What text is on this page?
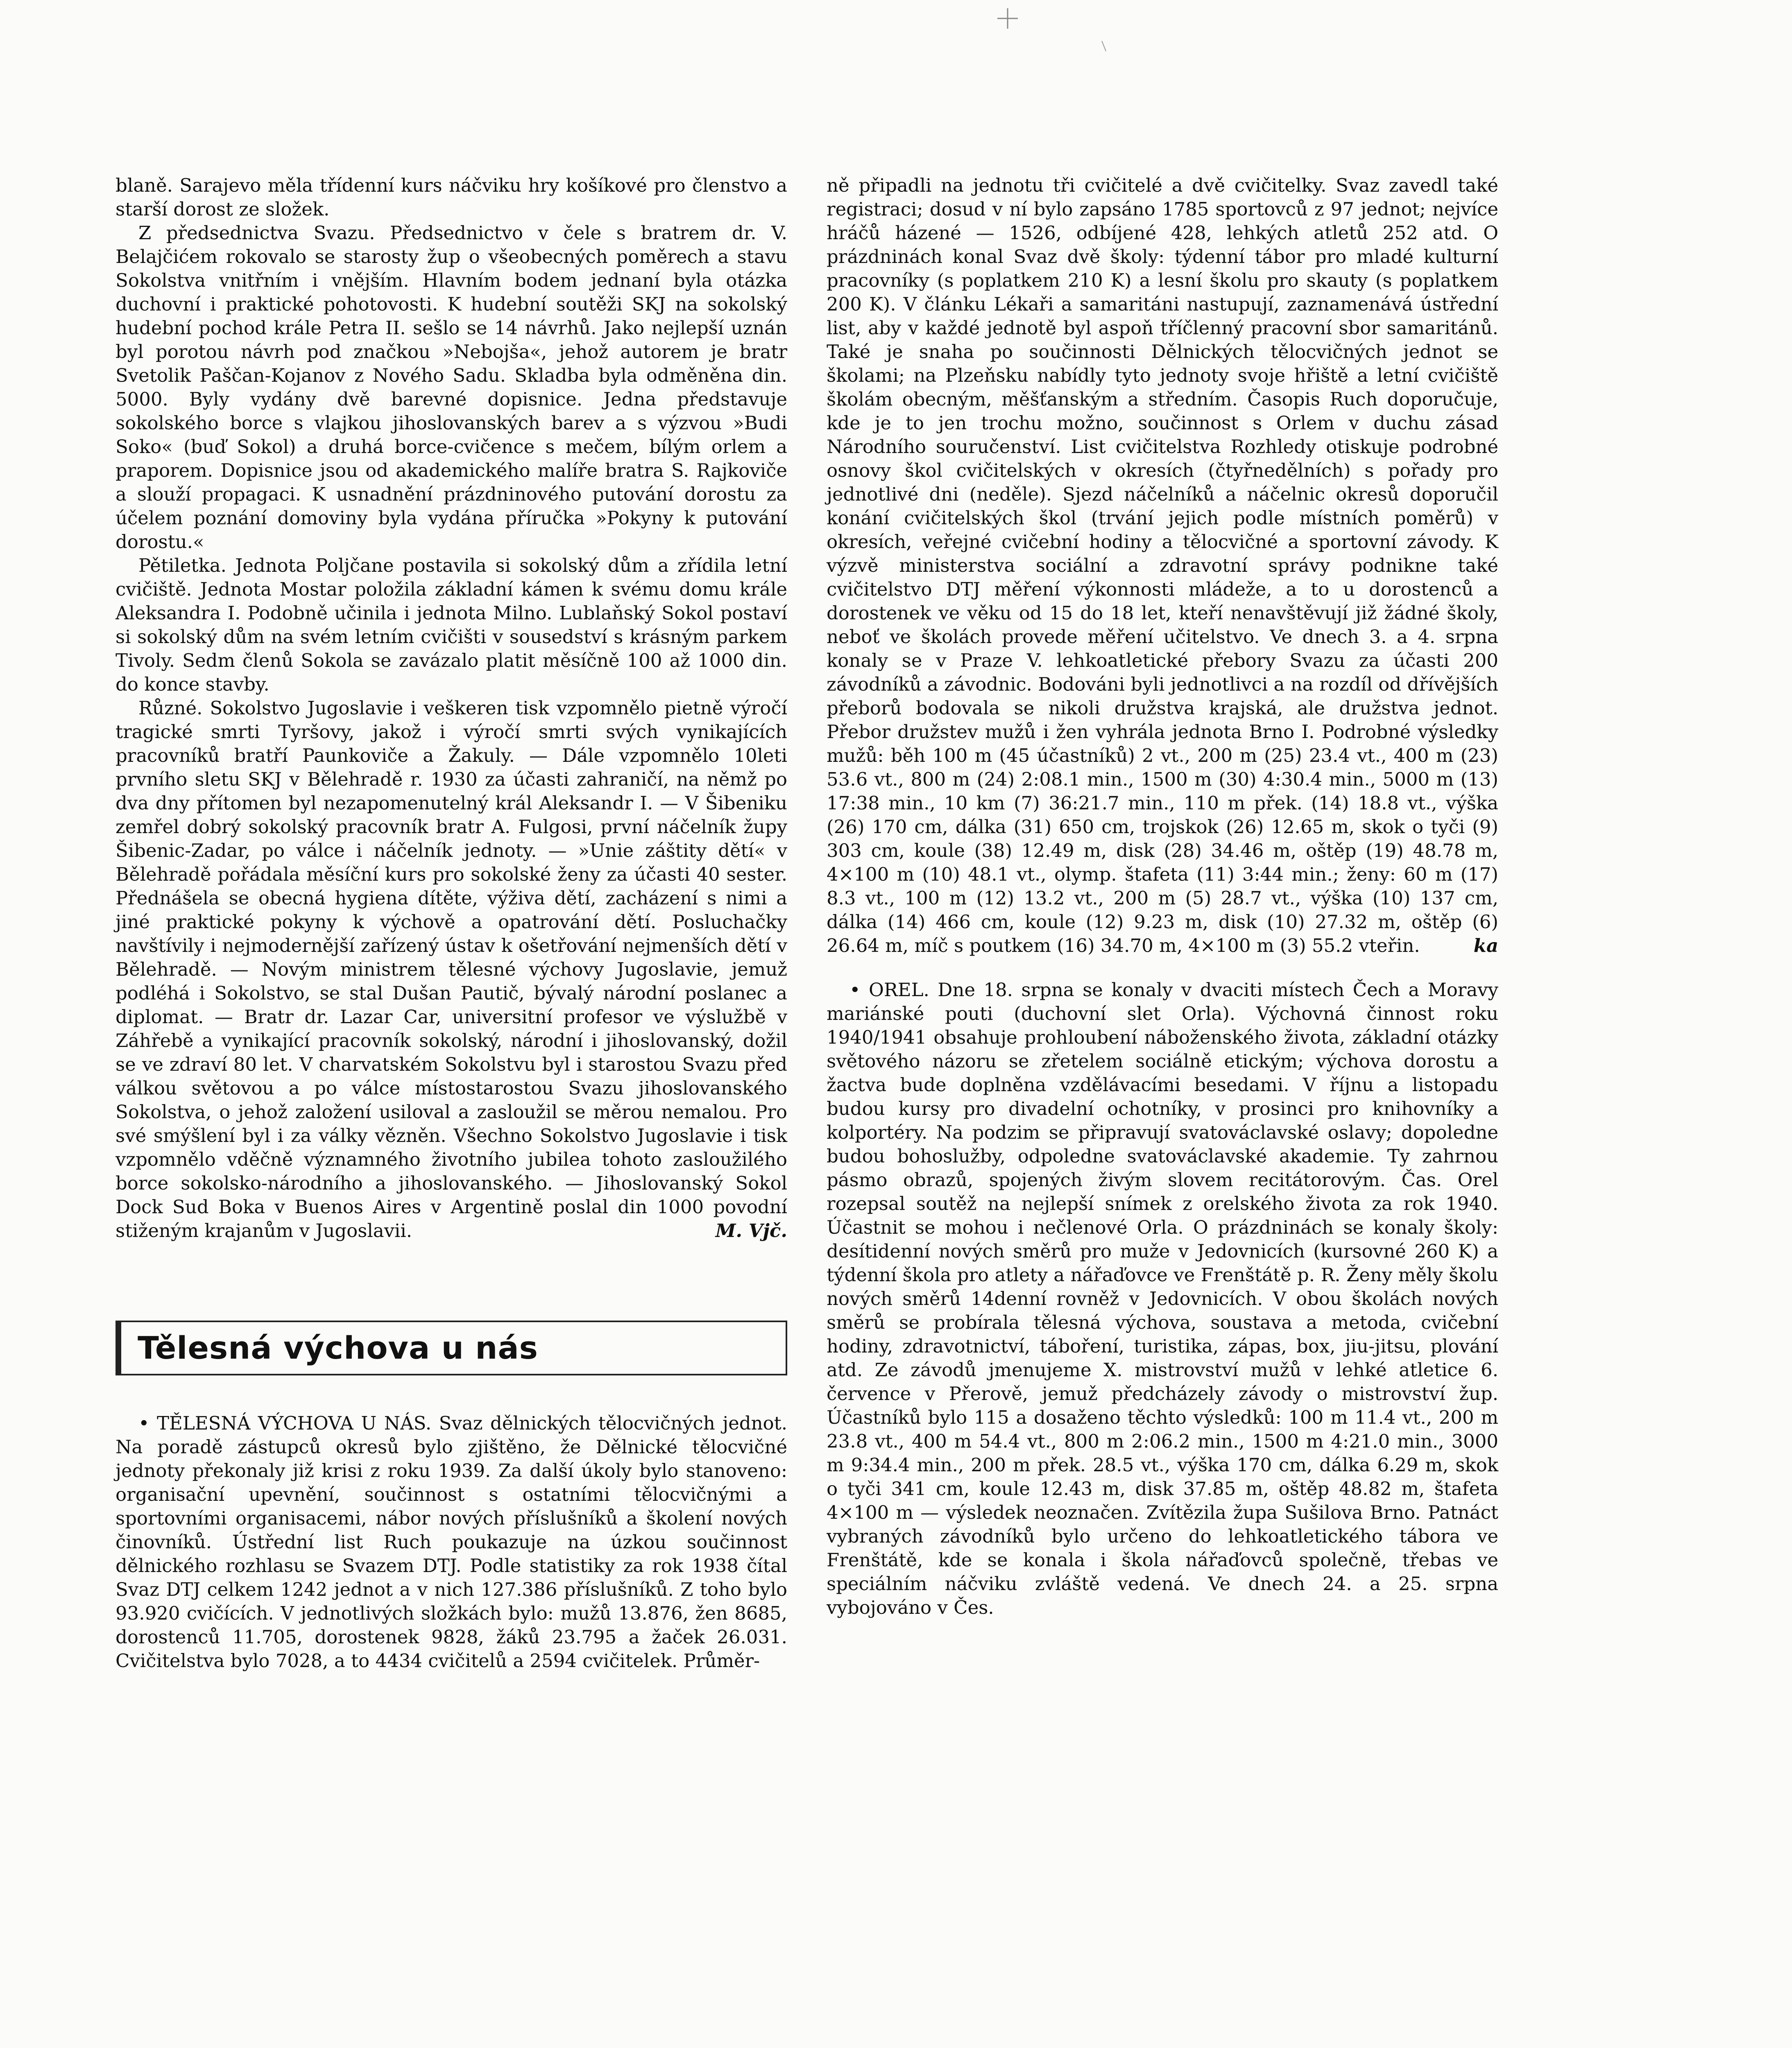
blaně. Sarajevo měla třídenní kurs náčviku hry košíkové pro členstvo a starší dorost ze složek.

Z předsednictva Svazu. Předsednictvo v čele s bratrem dr. V. Belajčićem rokovalo se starosty žup o všeobecných poměrech a stavu Sokolstva vnitřním i vnějším. Hlavním bodem jednaní byla otázka duchovní i praktické pohotovosti. K hudební soutěži SKJ na sokolský hudební pochod krále Petra II. sešlo se 14 návrhů. Jako nejlepší uznán byl porotou návrh pod značkou »Nebojša«, jehož autorem je bratr Svetolik Paščan-Kojanov z Nového Sadu. Skladba byla odměněna din. 5000. Byly vydány dvě barevné dopisnice. Jedna představuje sokolského borce s vlajkou jihoslovanských barev a s výzvou »Budi Soko« (buď Sokol) a druhá borce-cvičence s mečem, bílým orlem a praporem. Dopisnice jsou od akademického malíře bratra S. Rajkoviče a slouží propagaci. K usnadnění prázdninového putování dorostu za účelem poznání domoviny byla vydána příručka »Pokyny k putování dorostu.«

Pětiletka. Jednota Poljčane postavila si sokolský dům a zřídila letní cvičiště. Jednota Mostar položila základní kámen k svému domu krále Aleksandra I. Podobně učinila i jednota Milno. Lublaňský Sokol postaví si sokolský dům na svém letním cvičišti v sousedství s krásným parkem Tivoly. Sedm členů Sokola se zavázalo platit měsíčně 100 až 1000 din. do konce stavby.

Různé. Sokolstvo Jugoslavie i veškeren tisk vzpomnělo pietně výročí tragické smrti Tyršovy, jakož i výročí smrti svých vynikajících pracovníků bratří Paunkoviče a Žakuly. — Dále vzpomnělo 10leti prvního sletu SKJ v Bělehradě r. 1930 za účasti zahraničí, na němž po dva dny přítomen byl nezapomenutelný král Aleksandr I. — V Šibeniku zemřel dobrý sokolský pracovník bratr A. Fulgosi, první náčelník župy Šibenic-Zadar, po válce i náčelník jednoty. — »Unie záštity dětí« v Bělehradě pořádala měsíční kurs pro sokolské ženy za účasti 40 sester. Přednášela se obecná hygiena dítěte, výživa dětí, zacházení s nimi a jiné praktické pokyny k výchově a opatrování dětí. Posluchačky navštívily i nejmodernější zařízený ústav k ošetřování nejmenších dětí v Bělehradě. — Novým ministrem tělesné výchovy Jugoslavie, jemuž podléhá i Sokolstvo, se stal Dušan Pautič, bývalý národní poslanec a diplomat. — Bratr dr. Lazar Car, universitní profesor ve výslužbě v Záhřebě a vynikající pracovník sokolský, národní i jihoslovanský, dožil se ve zdraví 80 let. V charvatském Sokolstvu byl i starostou Svazu před válkou světovou a po válce místostarostou Svazu jihoslovanského Sokolstva, o jehož založení usiloval a zasloužil se měrou nemalou. Pro své smýšlení byl i za války vězněn. Všechno Sokolstvo Jugoslavie i tisk vzpomnělo vděčně významného životního jubilea tohoto zasloužilého borce sokolsko-národního a jihoslovanského. — Jihoslovanský Sokol Dock Sud Boka v Buenos Aires v Argentině poslal din 1000 povodní stiženým krajanům v Jugoslavii.	M. Vjč.

Tělesná výchova u nás

• TĚLESNÁ VÝCHOVA U NÁS. Svaz dělnických tělocvičných jednot. Na poradě zástupců okresů bylo zjištěno, že Dělnické tělocvičné jednoty překonaly již krisi z roku 1939. Za další úkoly bylo stanoveno: organisační upevnění, součinnost s ostatními tělocvičnými a sportovními organisacemi, nábor nových příslušníků a školení nových činovníků. Ústřední list Ruch poukazuje na úzkou součinnost dělnického rozhlasu se Svazem DTJ. Podle statistiky za rok 1938 čítal Svaz DTJ celkem 1242 jednot a v nich 127.386 příslušníků. Z toho bylo 93.920 cvičících. V jednotlivých složkách bylo: mužů 13.876, žen 8685, dorostenců 11.705, dorostenek 9828, žáků 23.795 a žaček 26.031. Cvičitelstva bylo 7028, a to 4434 cvičitelů a 2594 cvičitelek. Průměr-

ně připadli na jednotu tři cvičitelé a dvě cvičitelky. Svaz zavedl také registraci; dosud v ní bylo zapsáno 1785 sportovců z 97 jednot; nejvíce hráčů házené — 1526, odbíjené 428, lehkých atletů 252 atd. O prázdninách konal Svaz dvě školy: týdenní tábor pro mladé kulturní pracovníky (s poplatkem 210 K) a lesní školu pro skauty (s poplatkem 200 K). V článku Lékaři a samaritáni nastupují, zaznamenává ústřední list, aby v každé jednotě byl aspoň tříčlenný pracovní sbor samaritánů. Také je snaha po součinnosti Dělnických tělocvičných jednot se školami; na Plzeňsku nabídly tyto jednoty svoje hřiště a letní cvičiště školám obecným, měšťanským a středním. Časopis Ruch doporučuje, kde je to jen trochu možno, součinnost s Orlem v duchu zásad Národního souručenství. List cvičitelstva Rozhledy otiskuje podrobné osnovy škol cvičitelských v okresích (čtyřnedělních) s pořady pro jednotlivé dni (neděle). Sjezd náčelníků a náčelnic okresů doporučil konání cvičitelských škol (trvání jejich podle místních poměrů) v okresích, veřejné cvičební hodiny a tělocvičné a sportovní závody. K výzvě ministerstva sociální a zdravotní správy podnikne také cvičitelstvo DTJ měření výkonnosti mládeže, a to u dorostenců a dorostenek ve věku od 15 do 18 let, kteří nenavštěvují již žádné školy, neboť ve školách provede měření učitelstvo. Ve dnech 3. a 4. srpna konaly se v Praze V. lehkoatletické přebory Svazu za účasti 200 závodníků a závodnic. Bodováni byli jednotlivci a na rozdíl od dřívějších přeborů bodovala se nikoli družstva krajská, ale družstva jednot. Přebor družstev mužů i žen vyhrála jednota Brno I. Podrobné výsledky mužů: běh 100 m (45 účastníků) 2 vt., 200 m (25) 23.4 vt., 400 m (23) 53.6 vt., 800 m (24) 2:08.1 min., 1500 m (30) 4:30.4 min., 5000 m (13) 17:38 min., 10 km (7) 36:21.7 min., 110 m přek. (14) 18.8 vt., výška (26) 170 cm, dálka (31) 650 cm, trojskok (26) 12.65 m, skok o tyči (9) 303 cm, koule (38) 12.49 m, disk (28) 34.46 m, oštěp (19) 48.78 m, 4×100 m (10) 48.1 vt., olymp. štafeta (11) 3:44 min.; ženy: 60 m (17) 8.3 vt., 100 m (12) 13.2 vt., 200 m (5) 28.7 vt., výška (10) 137 cm, dálka (14) 466 cm, koule (12) 9.23 m, disk (10) 27.32 m, oštěp (6) 26.64 m, míč s poutkem (16) 34.70 m, 4×100 m (3) 55.2 vteřin.	ka

• OREL. Dne 18. srpna se konaly v dvaciti místech Čech a Moravy mariánské pouti (duchovní slet Orla). Výchovná činnost roku 1940/1941 obsahuje prohloubení náboženského života, základní otázky světového názoru se zřetelem sociálně etickým; výchova dorostu a žactva bude doplněna vzdělávacími besedami. V říjnu a listopadu budou kursy pro divadelní ochotníky, v prosinci pro knihovníky a kolportéry. Na podzim se připravují svatováclavské oslavy; dopoledne budou bohoslužby, odpoledne svatováclavské akademie. Ty zahrnou pásmo obrazů, spojených živým slovem recitátorovým. Čas. Orel rozepsal soutěž na nejlepší snímek z orelského života za rok 1940. Účastnit se mohou i nečlenové Orla. O prázdninách se konaly školy: desítidenní nových směrů pro muže v Jedovnicích (kursovné 260 K) a týdenní škola pro atlety a nářaďovce ve Frenštátě p. R. Ženy měly školu nových směrů 14denní rovněž v Jedovnicích. V obou školách nových směrů se probírala tělesná výchova, soustava a metoda, cvičební hodiny, zdravotnictví, táboření, turistika, zápas, box, jiu-jitsu, plování atd. Ze závodů jmenujeme X. mistrovství mužů v lehké atletice 6. července v Přerově, jemuž předcházely závody o mistrovství žup. Účastníků bylo 115 a dosaženo těchto výsledků: 100 m 11.4 vt., 200 m 23.8 vt., 400 m 54.4 vt., 800 m 2:06.2 min., 1500 m 4:21.0 min., 3000 m 9:34.4 min., 200 m přek. 28.5 vt., výška 170 cm, dálka 6.29 m, skok o tyči 341 cm, koule 12.43 m, disk 37.85 m, oštěp 48.82 m, štafeta 4×100 m — výsledek neoznačen. Zvítězila župa Sušilova Brno. Patnáct vybraných závodníků bylo určeno do lehkoatletického tábora ve Frenštátě, kde se konala i škola nářaďovců společně, třebas ve speciálním náčviku zvláště vedená. Ve dnech 24. a 25. srpna vybojováno v Čes.
